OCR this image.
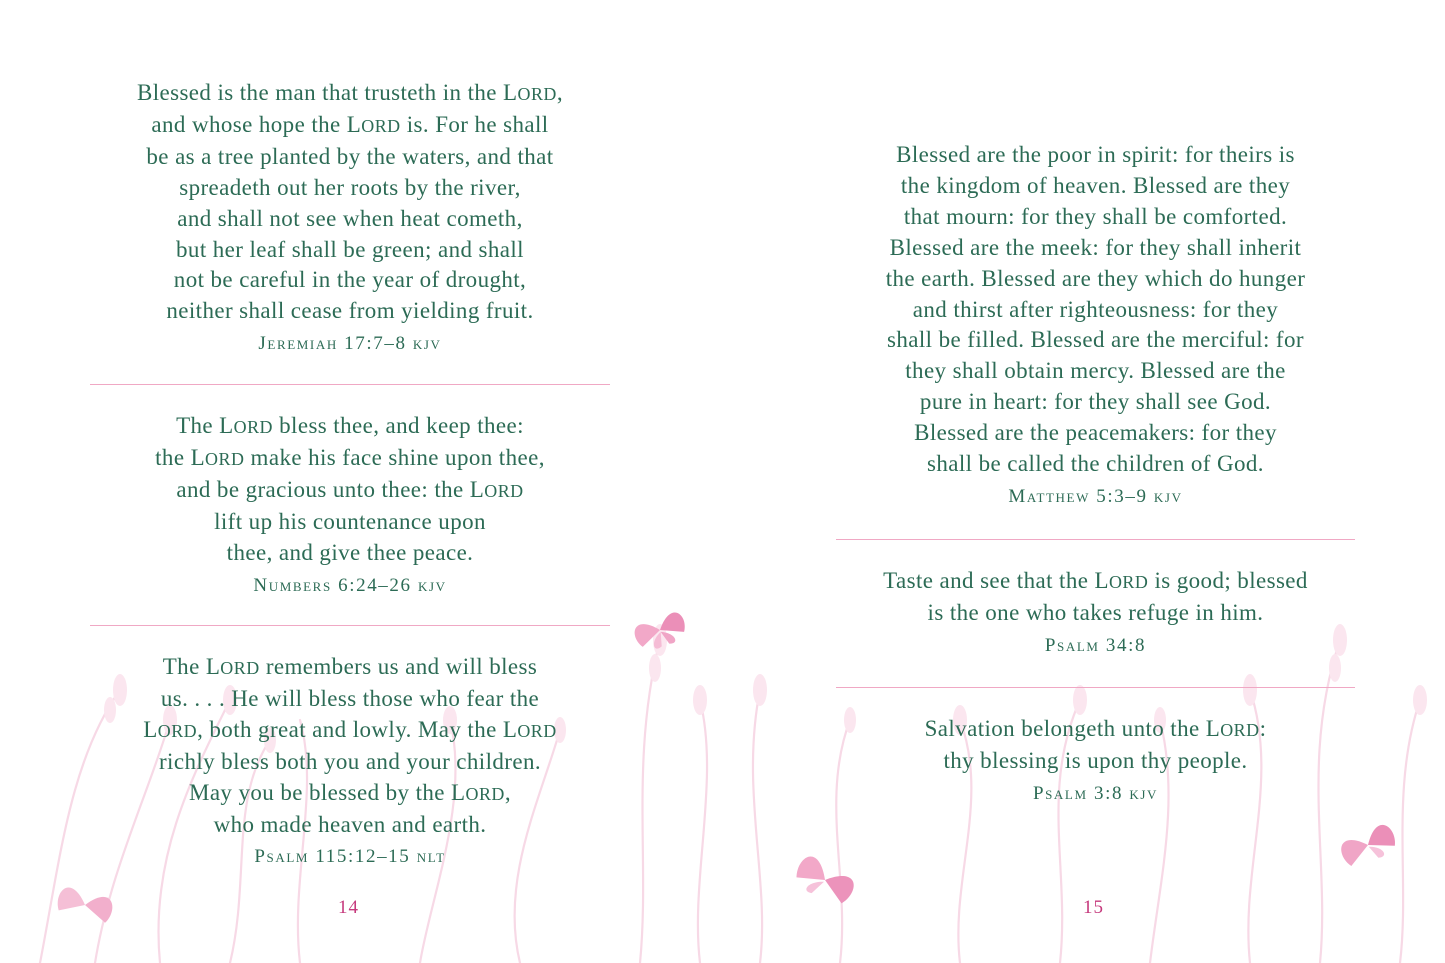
Blessed is the man that trusteth in the LORD,
and whose hope the LORD is. For he shall
be as a tree planted by the waters, and that
spreadeth out her roots by the river,
and shall not see when heat cometh,
but her leaf shall be green; and shall
not be careful in the year of drought,
neither shall cease from yielding fruit.
Jeremiah 17:7–8 kjv
The LORD bless thee, and keep thee:
the LORD make his face shine upon thee,
and be gracious unto thee: the LORD
lift up his countenance upon
thee, and give thee peace.
Numbers 6:24–26 kjv
The LORD remembers us and will bless
us. . . . He will bless those who fear the
LORD, both great and lowly. May the LORD
richly bless both you and your children.
May you be blessed by the LORD,
who made heaven and earth.
Psalm 115:12–15 nlt
14
Blessed are the poor in spirit: for theirs is
the kingdom of heaven. Blessed are they
that mourn: for they shall be comforted.
Blessed are the meek: for they shall inherit
the earth. Blessed are they which do hunger
and thirst after righteousness: for they
shall be filled. Blessed are the merciful: for
they shall obtain mercy. Blessed are the
pure in heart: for they shall see God.
Blessed are the peacemakers: for they
shall be called the children of God.
Matthew 5:3–9 kjv
Taste and see that the LORD is good; blessed
is the one who takes refuge in him.
Psalm 34:8
Salvation belongeth unto the LORD:
thy blessing is upon thy people.
Psalm 3:8 kjv
15
